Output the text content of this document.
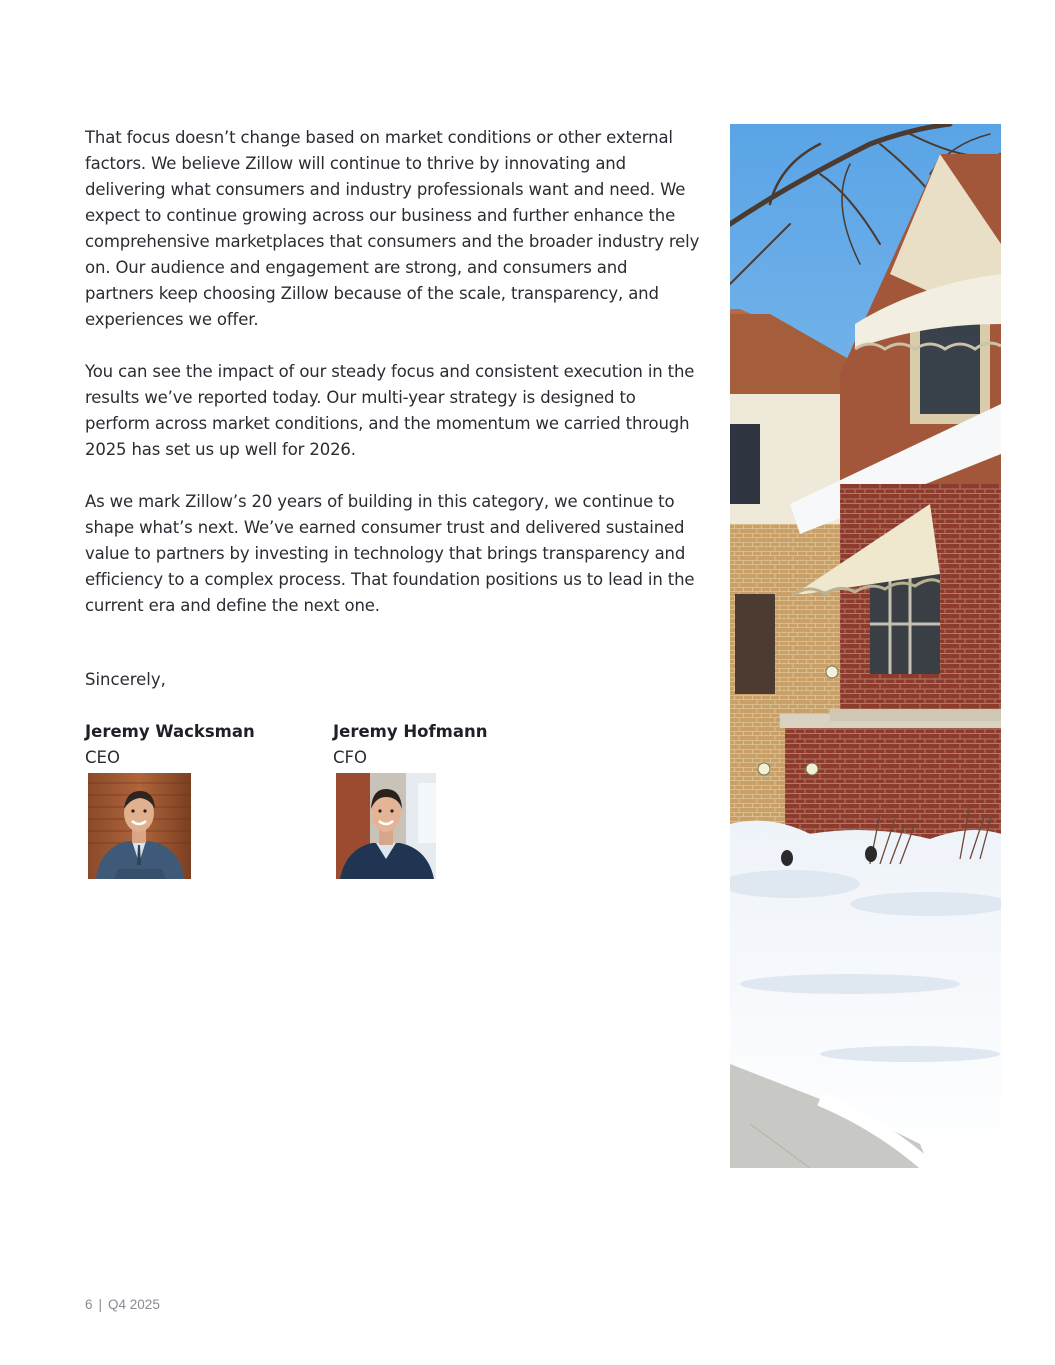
That focus doesn’t change based on market conditions or other external factors. We believe Zillow will continue to thrive by innovating and delivering what consumers and industry professionals want and need. We expect to continue growing across our business and further enhance the comprehensive marketplaces that consumers and the broader industry rely on. Our audience and engagement are strong, and consumers and partners keep choosing Zillow because of the scale, transparency, and experiences we offer.

You can see the impact of our steady focus and consistent execution in the results we’ve reported today. Our multi-year strategy is designed to perform across market conditions, and the momentum we carried through 2025 has set us up well for 2026.

As we mark Zillow’s 20 years of building in this category, we continue to shape what’s next. We’ve earned consumer trust and delivered sustained value to partners by investing in technology that brings transparency and efficiency to a complex process. That foundation positions us to lead in the current era and define the next one.

Sincerely,
Jeremy Wacksman
CEO
Jeremy Hofmann
CFO
6 | Q4 2025
